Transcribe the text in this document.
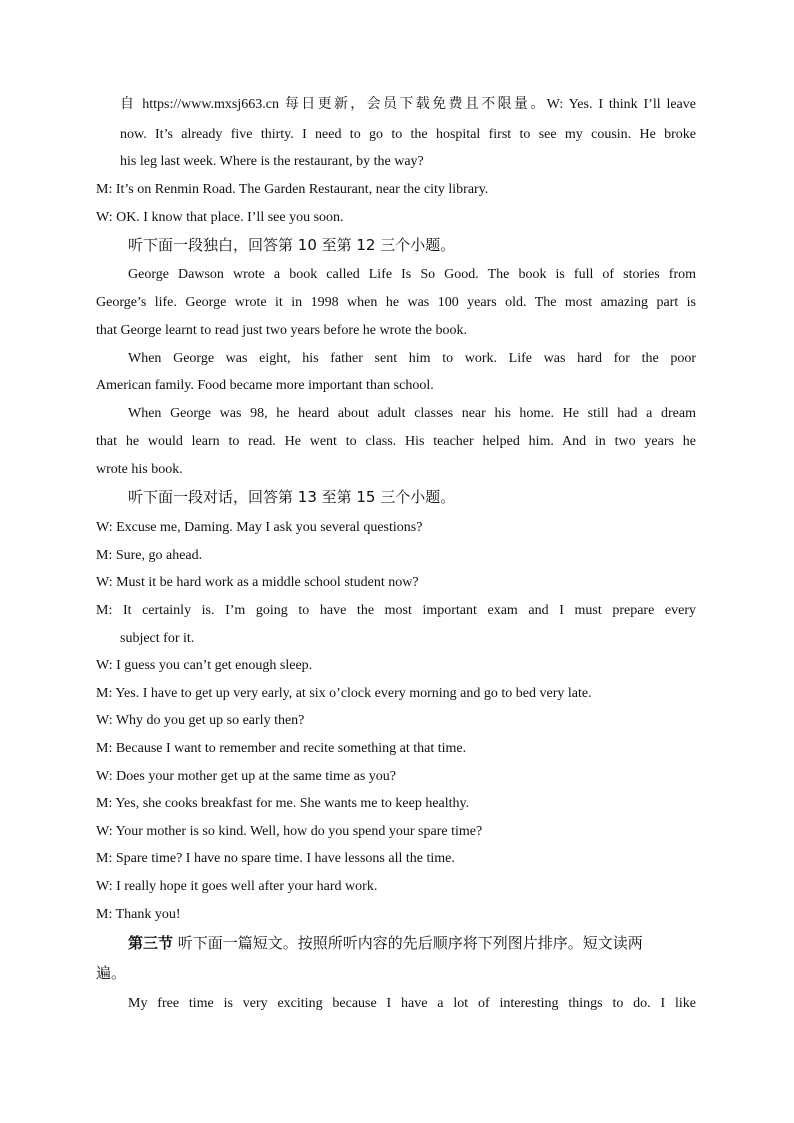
自 https://www.mxsj663.cn 每日更新，会员下载免费且不限量。W: Yes. I think I’ll leave
now. It’s already five thirty. I need to go to the hospital first to see my cousin. He broke
his leg last week. Where is the restaurant, by the way?
M: It’s on Renmin Road. The Garden Restaurant, near the city library.
W: OK. I know that place. I’ll see you soon.
听下面一段独白，回答第 10 至第 12 三个小题。
George Dawson wrote a book called Life Is So Good. The book is full of stories from
George’s life. George wrote it in 1998 when he was 100 years old. The most amazing part is
that George learnt to read just two years before he wrote the book.
When George was eight, his father sent him to work. Life was hard for the poor
American family. Food became more important than school.
When George was 98, he heard about adult classes near his home. He still had a dream
that he would learn to read. He went to class. His teacher helped him. And in two years he
wrote his book.
听下面一段对话，回答第 13 至第 15 三个小题。
W: Excuse me, Daming. May I ask you several questions?
M: Sure, go ahead.
W: Must it be hard work as a middle school student now?
M: It certainly is. I’m going to have the most important exam and I must prepare every
subject for it.
W: I guess you can’t get enough sleep.
M: Yes. I have to get up very early, at six o’clock every morning and go to bed very late.
W: Why do you get up so early then?
M: Because I want to remember and recite something at that time.
W: Does your mother get up at the same time as you?
M: Yes, she cooks breakfast for me. She wants me to keep healthy.
W: Your mother is so kind. Well, how do you spend your spare time?
M: Spare time? I have no spare time. I have lessons all the time.
W: I really hope it goes well after your hard work.
M: Thank you!
第三节 听下面一篇短文。按照所听内容的先后顺序将下列图片排序。短文读两
遍。
My free time is very exciting because I have a lot of interesting things to do. I like
